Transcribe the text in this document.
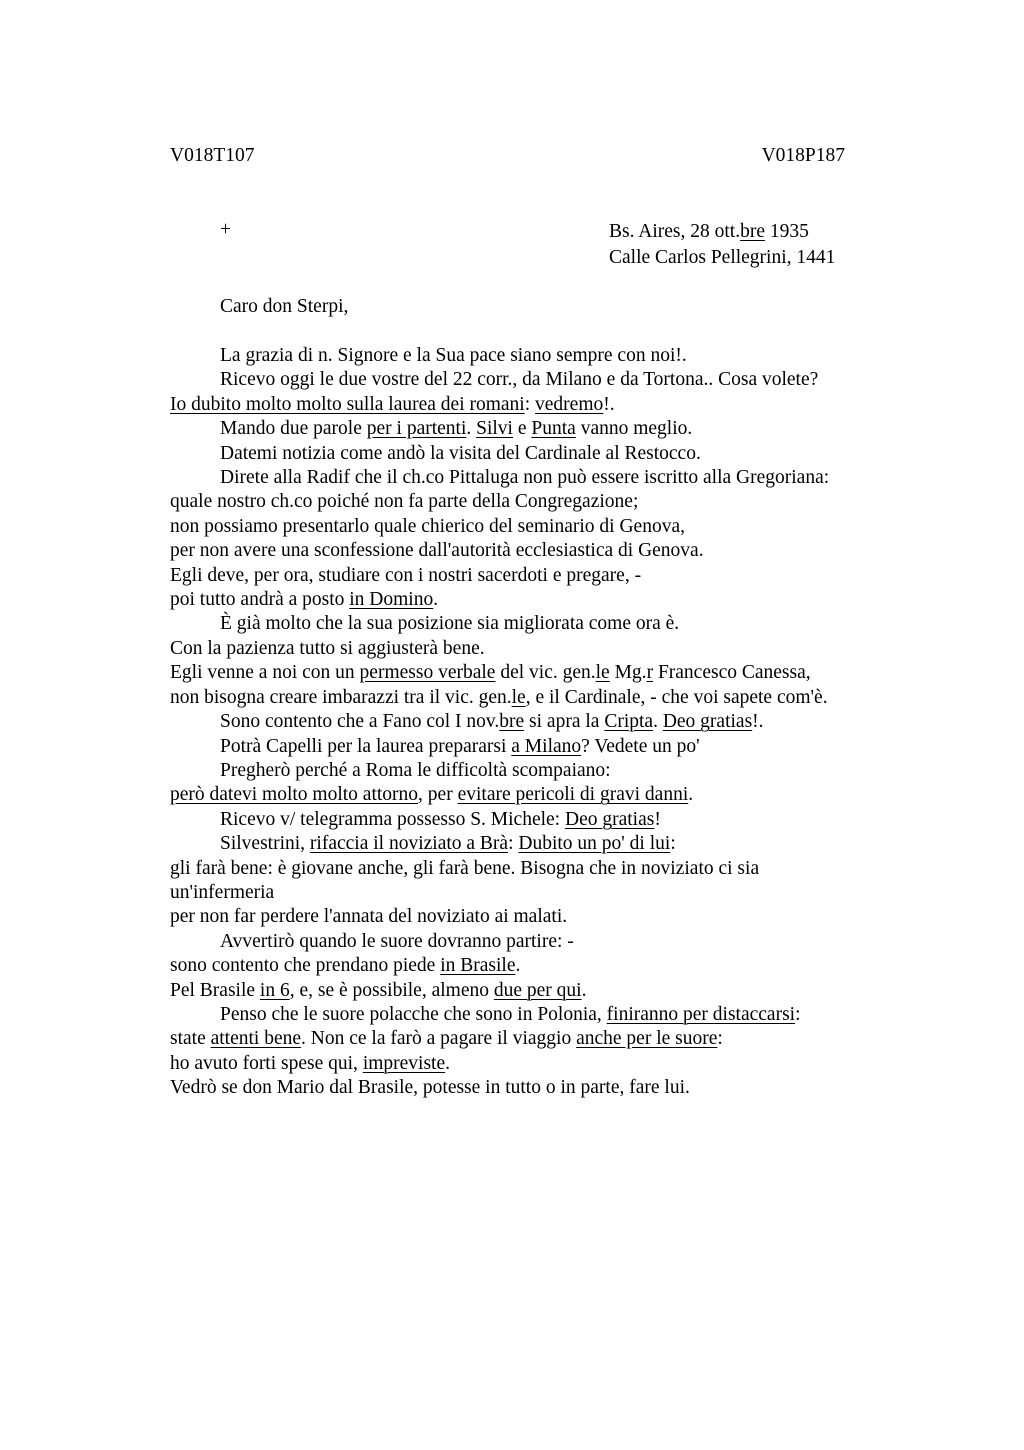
V018T107	V018P187
+	Bs. Aires, 28 ott.bre 1935
Calle Carlos Pellegrini, 1441
Caro don Sterpi,
La grazia di n. Signore e la Sua pace siano sempre con noi!.
Ricevo oggi le due vostre del 22 corr., da Milano e da Tortona.. Cosa volete?
Io dubito molto molto sulla laurea dei romani: vedremo!.
Mando due parole per i partenti. Silvi e Punta vanno meglio.
Datemi notizia come andò la visita del Cardinale al Restocco.
Direte alla Radif che il ch.co Pittaluga non può essere iscritto alla Gregoriana:
quale nostro ch.co poiché non fa parte della Congregazione;
non possiamo presentarlo quale chierico del seminario di Genova,
per non avere una sconfessione dall'autorità ecclesiastica di Genova.
Egli deve, per ora, studiare con i nostri sacerdoti e pregare, -
poi tutto andrà a posto in Domino.
È già molto che la sua posizione sia migliorata come ora è.
Con la pazienza tutto si aggiusterà bene.
Egli venne a noi con un permesso verbale del vic. gen.le Mg.r Francesco Canessa,
non bisogna creare imbarazzi tra il vic. gen.le, e il Cardinale, - che voi sapete com'è.
Sono contento che a Fano col I nov.bre si apra la Cripta. Deo gratias!.
Potrà Capelli per la laurea prepararsi a Milano? Vedete un po'
Pregherò perché a Roma le difficoltà scompaiano:
però datevi molto molto attorno, per evitare pericoli di gravi danni.
Ricevo v/ telegramma possesso S. Michele: Deo gratias!
Silvestrini, rifaccia il noviziato a Brà: Dubito un po' di lui:
gli farà bene: è giovane anche, gli farà bene. Bisogna che in noviziato ci sia
un'infermeria
per non far perdere l'annata del noviziato ai malati.
Avvertirò quando le suore dovranno partire: -
sono contento che prendano piede in Brasile.
Pel Brasile in 6, e, se è possibile, almeno due per qui.
Penso che le suore polacche che sono in Polonia, finiranno per distaccarsi:
state attenti bene. Non ce la farò a pagare il viaggio anche per le suore:
ho avuto forti spese qui, impreviste.
Vedrò se don Mario dal Brasile, potesse in tutto o in parte, fare lui.
